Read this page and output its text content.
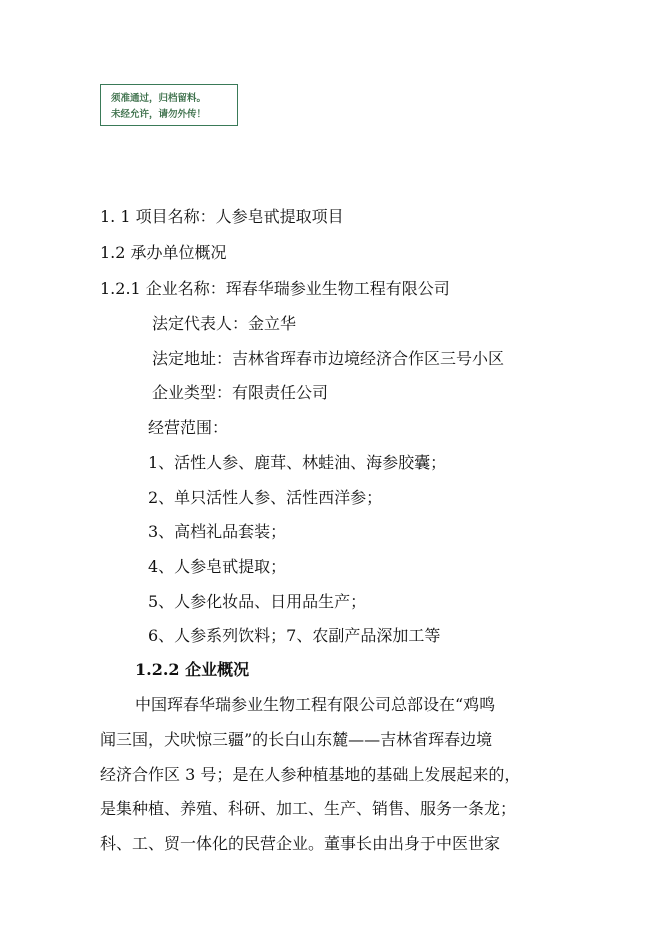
须准通过，归档留料。
未经允许，请勿外传！
1. 1 项目名称：人参皂甙提取项目
1.2 承办单位概况
1.2.1 企业名称：珲春华瑞参业生物工程有限公司
法定代表人：金立华
法定地址：吉林省珲春市边境经济合作区三号小区
企业类型：有限责任公司
经营范围：
1、活性人参、鹿茸、林蛙油、海参胶囊；
2、单只活性人参、活性西洋参；
3、高档礼品套装；
4、人参皂甙提取；
5、人参化妆品、日用品生产；
6、人参系列饮料；7、农副产品深加工等
1.2.2 企业概况
中国珲春华瑞参业生物工程有限公司总部设在“鸡鸣
闻三国，犬吠惊三疆”的长白山东麓——吉林省珲春边境
经济合作区 3 号；是在人参种植基地的基础上发展起来的，
是集种植、养殖、科研、加工、生产、销售、服务一条龙；
科、工、贸一体化的民营企业。董事长由出身于中医世家
